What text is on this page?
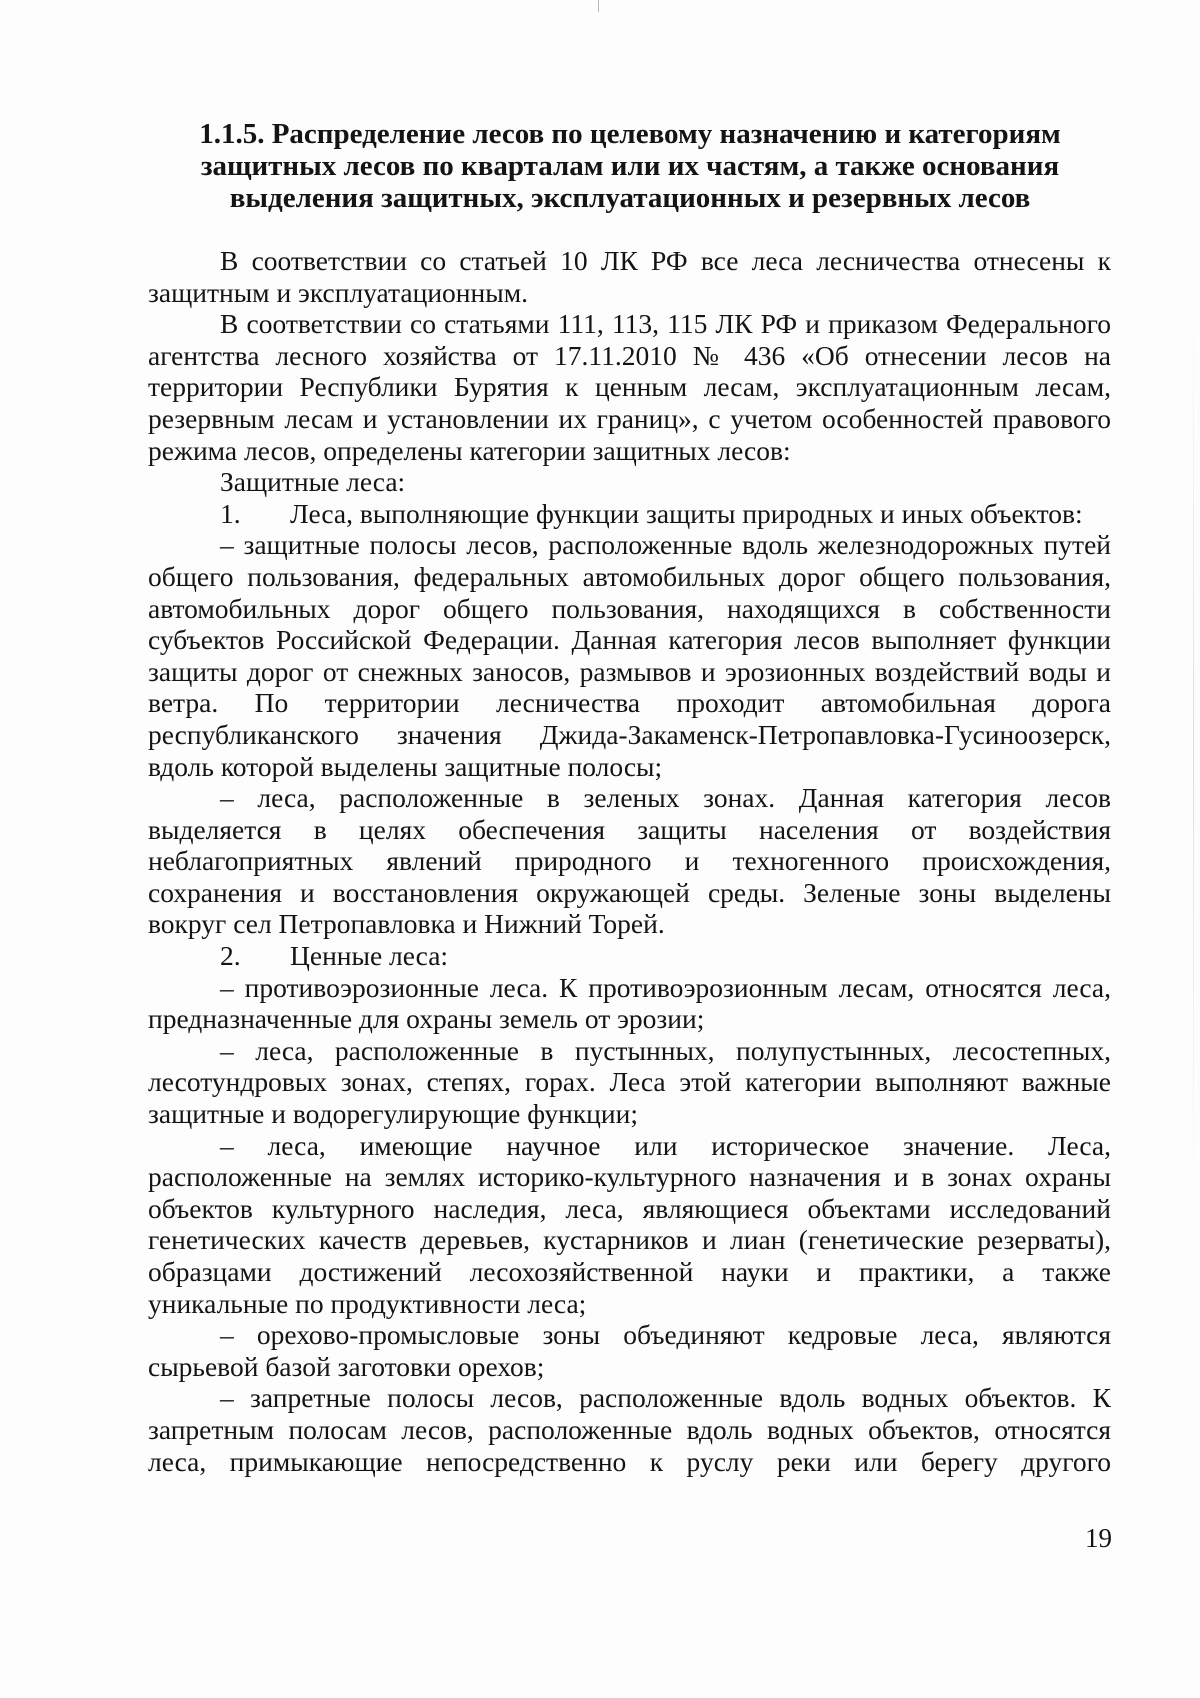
1.1.5. Распределение лесов по целевому назначению и категориям
защитных лесов по кварталам или их частям, а также основания
выделения защитных, эксплуатационных и резервных лесов

В соответствии со статьей 10 ЛК РФ все леса лесничества отнесены к защитным и эксплуатационным.

В соответствии со статьями 111, 113, 115 ЛК РФ и приказом Федерального агентства лесного хозяйства от 17.11.2010 № 436 «Об отнесении лесов на территории Республики Бурятия к ценным лесам, эксплуатационным лесам, резервным лесам и установлении их границ», с учетом особенностей правового режима лесов, определены категории защитных лесов:

Защитные леса:

1. Леса, выполняющие функции защиты природных и иных объектов:

– защитные полосы лесов, расположенные вдоль железнодорожных путей общего пользования, федеральных автомобильных дорог общего пользования, автомобильных дорог общего пользования, находящихся в собственности субъектов Российской Федерации. Данная категория лесов выполняет функции защиты дорог от снежных заносов, размывов и эрозионных воздействий воды и ветра. По территории лесничества проходит автомобильная дорога республиканского значения Джида-Закаменск-Петропавловка-Гусиноозерск, вдоль которой выделены защитные полосы;

– леса, расположенные в зеленых зонах. Данная категория лесов выделяется в целях обеспечения защиты населения от воздействия неблагоприятных явлений природного и техногенного происхождения, сохранения и восстановления окружающей среды. Зеленые зоны выделены вокруг сел Петропавловка и Нижний Торей.

2. Ценные леса:

– противоэрозионные леса. К противоэрозионным лесам, относятся леса, предназначенные для охраны земель от эрозии;

– леса, расположенные в пустынных, полупустынных, лесостепных, лесотундровых зонах, степях, горах. Леса этой категории выполняют важные защитные и водорегулирующие функции;

– леса, имеющие научное или историческое значение. Леса, расположенные на землях историко-культурного назначения и в зонах охраны объектов культурного наследия, леса, являющиеся объектами исследований генетических качеств деревьев, кустарников и лиан (генетические резерваты), образцами достижений лесохозяйственной науки и практики, а также уникальные по продуктивности леса;

– орехово-промысловые зоны объединяют кедровые леса, являются сырьевой базой заготовки орехов;

– запретные полосы лесов, расположенные вдоль водных объектов. К запретным полосам лесов, расположенные вдоль водных объектов, относятся леса, примыкающие непосредственно к руслу реки или берегу другого

19
